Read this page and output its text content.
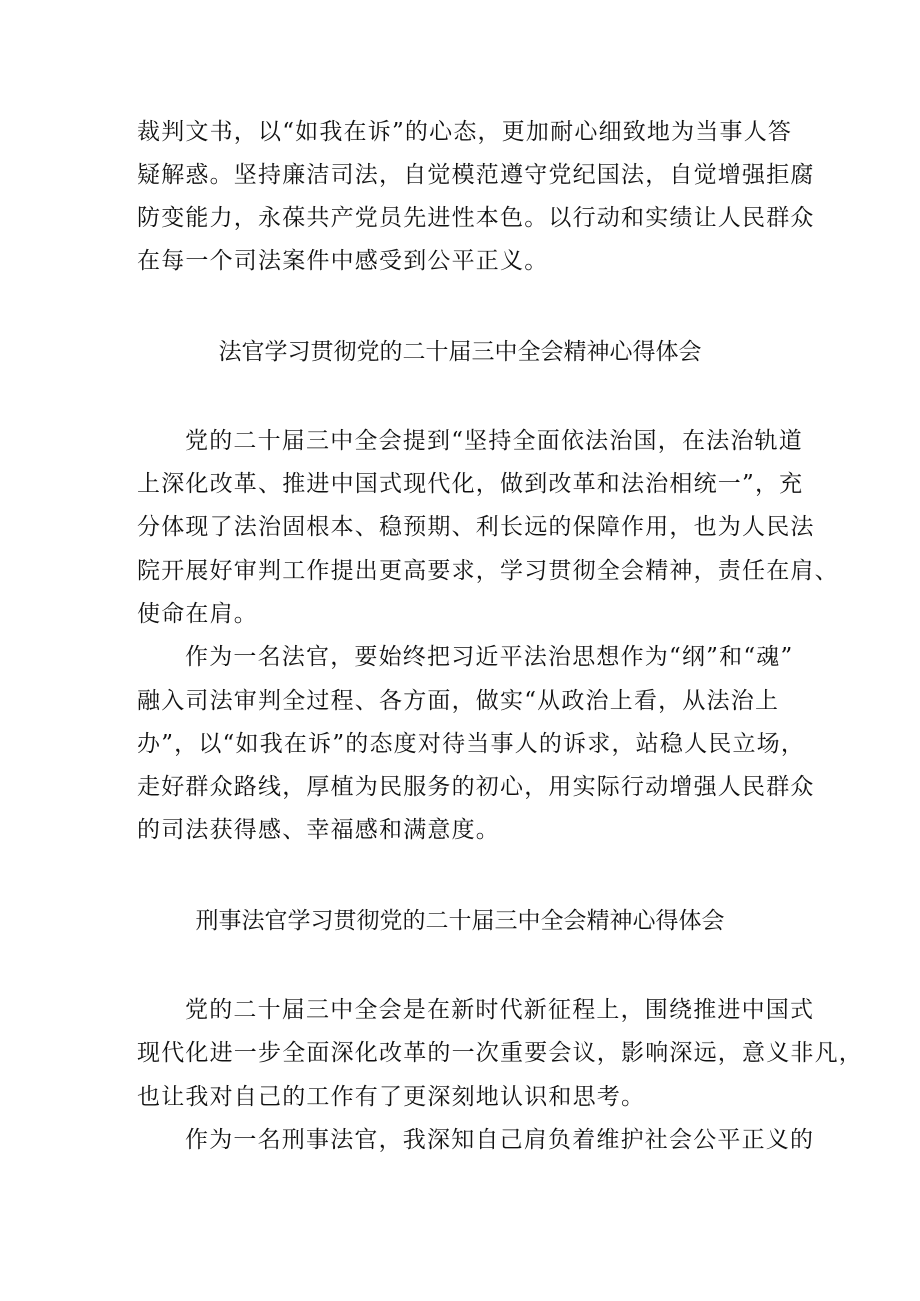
裁判文书，以“如我在诉”的心态，更加耐心细致地为当事人答
疑解惑。坚持廉洁司法，自觉模范遵守党纪国法，自觉增强拒腐
防变能力，永葆共产党员先进性本色。以行动和实绩让人民群众
在每一个司法案件中感受到公平正义。
法官学习贯彻党的二十届三中全会精神心得体会
党的二十届三中全会提到“坚持全面依法治国，在法治轨道
上深化改革、推进中国式现代化，做到改革和法治相统一”，充
分体现了法治固根本、稳预期、利长远的保障作用，也为人民法
院开展好审判工作提出更高要求，学习贯彻全会精神，责任在肩、
使命在肩。
作为一名法官，要始终把习近平法治思想作为“纲”和“魂”
融入司法审判全过程、各方面，做实“从政治上看，从法治上
办”，以“如我在诉”的态度对待当事人的诉求，站稳人民立场，
走好群众路线，厚植为民服务的初心，用实际行动增强人民群众
的司法获得感、幸福感和满意度。
刑事法官学习贯彻党的二十届三中全会精神心得体会
党的二十届三中全会是在新时代新征程上，围绕推进中国式
现代化进一步全面深化改革的一次重要会议，影响深远，意义非凡，
也让我对自己的工作有了更深刻地认识和思考。
作为一名刑事法官，我深知自己肩负着维护社会公平正义的
